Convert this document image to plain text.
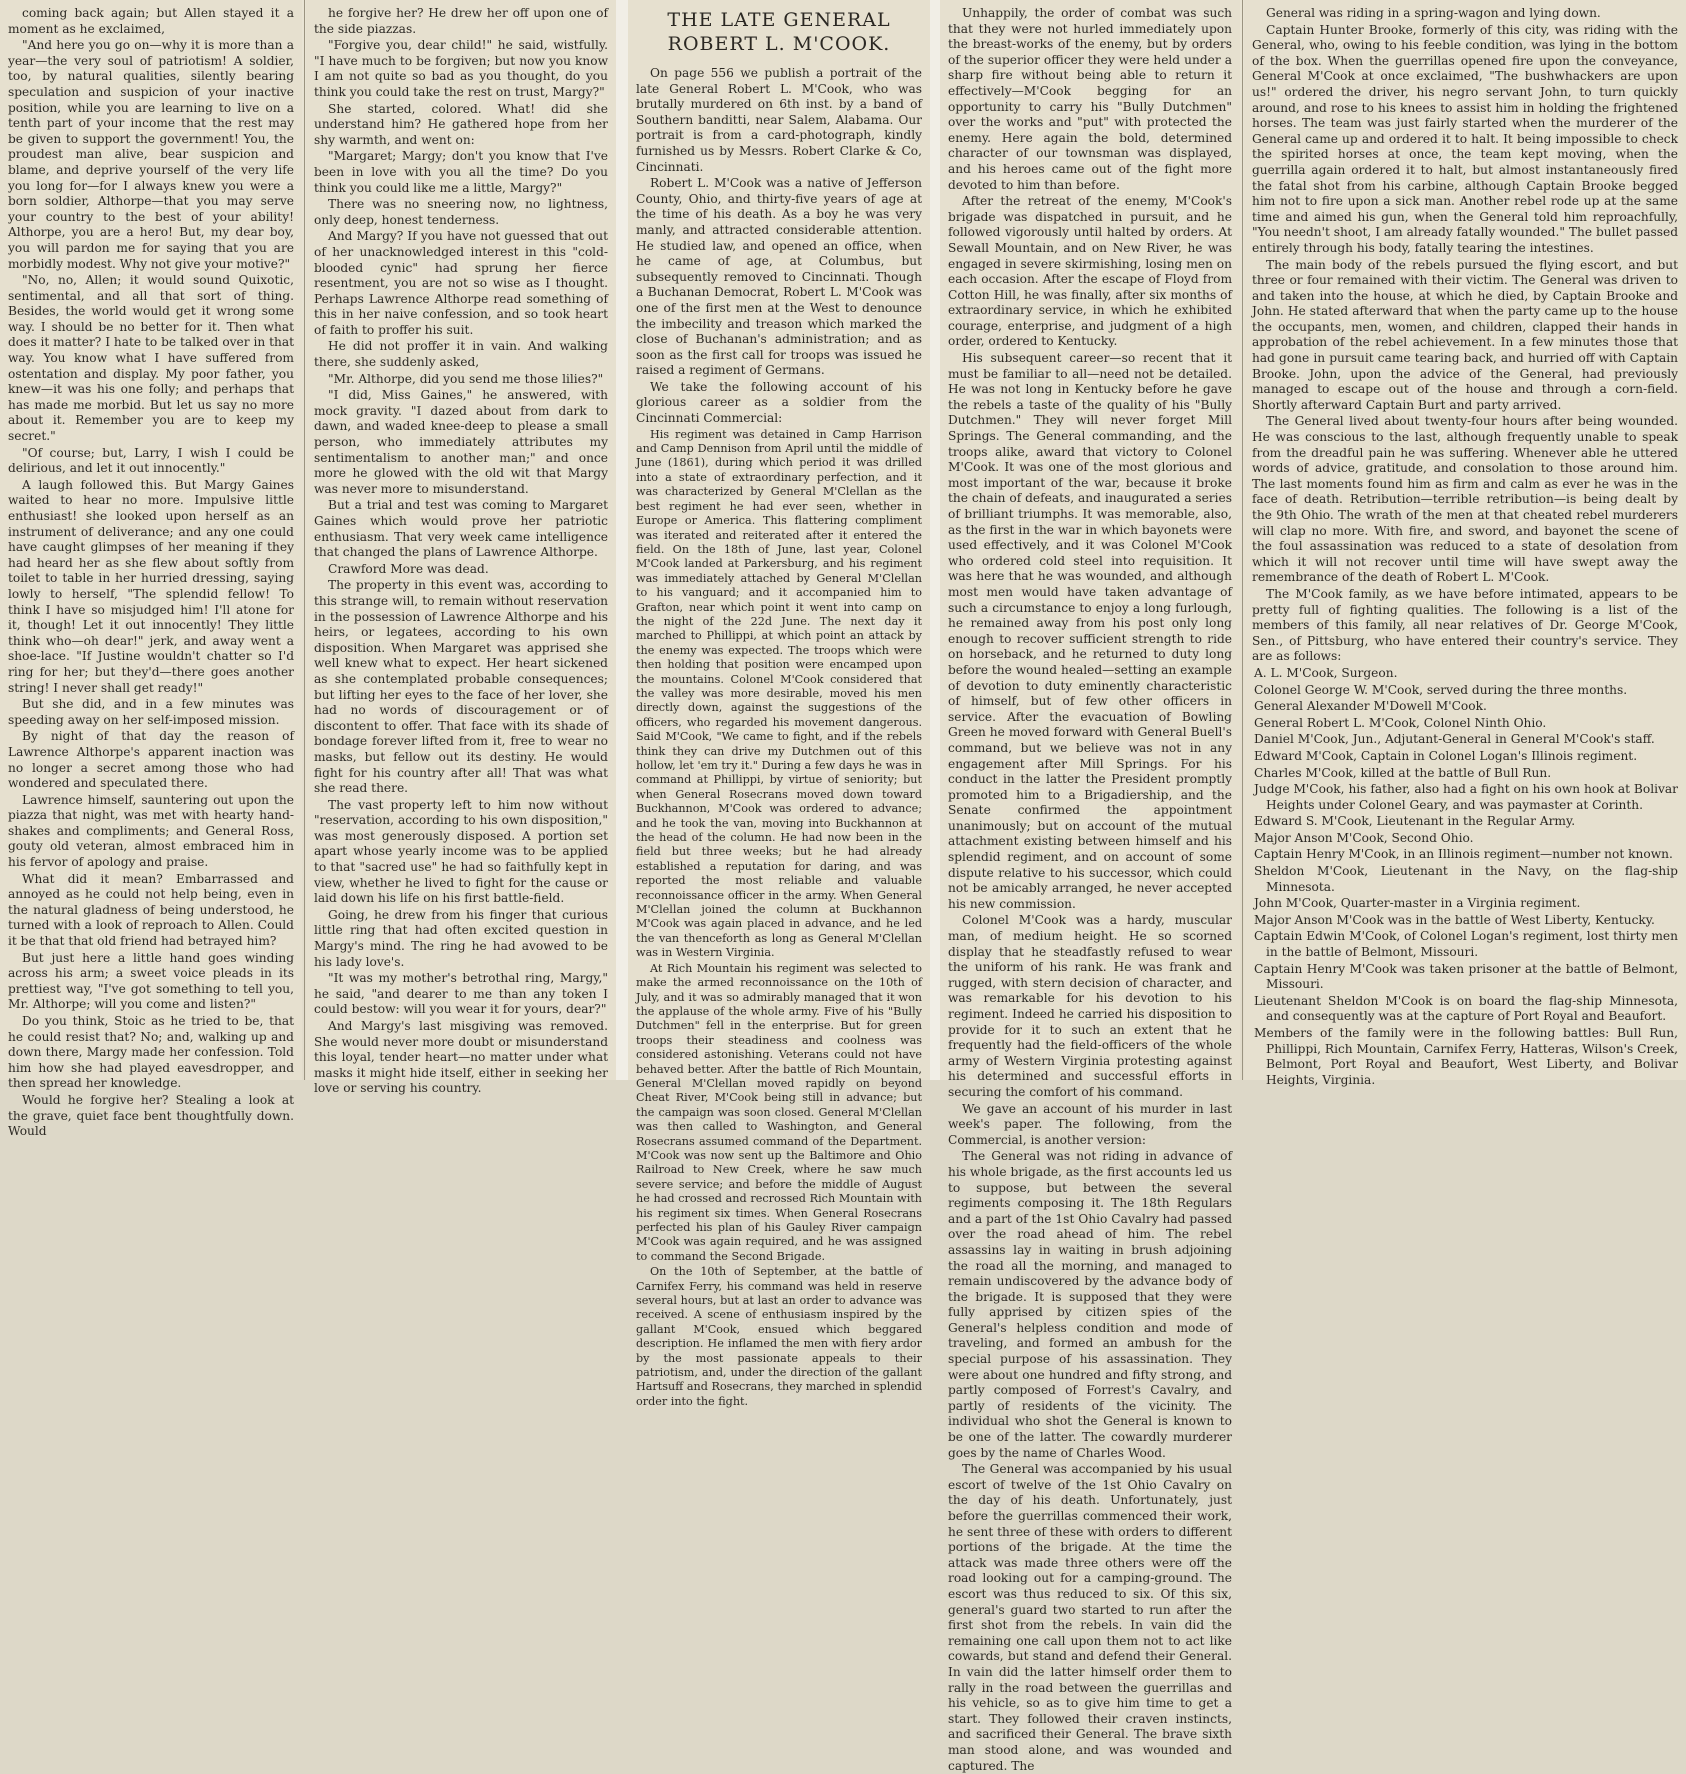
coming back again; but Allen stayed it a moment as he exclaimed,

"And here you go on—why it is more than a year—the very soul of patriotism! A soldier, too, by natural qualities, silently bearing speculation and suspicion of your inactive position, while you are learning to live on a tenth part of your income that the rest may be given to support the government! You, the proudest man alive, bear suspicion and blame, and deprive yourself of the very life you long for—for I always knew you were a born soldier, Althorpe—that you may serve your country to the best of your ability! Althorpe, you are a hero! But, my dear boy, you will pardon me for saying that you are morbidly modest. Why not give your motive?"

"No, no, Allen; it would sound Quixotic, sentimental, and all that sort of thing. Besides, the world would get it wrong some way. I should be no better for it. Then what does it matter? I hate to be talked over in that way. You know what I have suffered from ostentation and display. My poor father, you knew—it was his one folly; and perhaps that has made me morbid. But let us say no more about it. Remember you are to keep my secret."

"Of course; but, Larry, I wish I could be delirious, and let it out innocently."

A laugh followed this. But Margy Gaines waited to hear no more. Impulsive little enthusiast! she looked upon herself as an instrument of deliverance; and any one could have caught glimpses of her meaning if they had heard her as she flew about softly from toilet to table in her hurried dressing, saying lowly to herself, "The splendid fellow! To think I have so misjudged him! I'll atone for it, though! Let it out innocently! They little think who—oh dear!" jerk, and away went a shoe-lace. "If Justine wouldn't chatter so I'd ring for her; but they'd—there goes another string! I never shall get ready!"

But she did, and in a few minutes was speeding away on her self-imposed mission.

By night of that day the reason of Lawrence Althorpe's apparent inaction was no longer a secret among those who had wondered and speculated there.

Lawrence himself, sauntering out upon the piazza that night, was met with hearty hand-shakes and compliments; and General Ross, gouty old veteran, almost embraced him in his fervor of apology and praise.

What did it mean? Embarrassed and annoyed as he could not help being, even in the natural gladness of being understood, he turned with a look of reproach to Allen. Could it be that that old friend had betrayed him?

But just here a little hand goes winding across his arm; a sweet voice pleads in its prettiest way, "I've got something to tell you, Mr. Althorpe; will you come and listen?"

Do you think, Stoic as he tried to be, that he could resist that? No; and, walking up and down there, Margy made her confession. Told him how she had played eavesdropper, and then spread her knowledge.

Would he forgive her? Stealing a look at the grave, quiet face bent thoughtfully down. Would

he forgive her? He drew her off upon one of the side piazzas.

"Forgive you, dear child!" he said, wistfully. "I have much to be forgiven; but now you know I am not quite so bad as you thought, do you think you could take the rest on trust, Margy?"

She started, colored. What! did she understand him? He gathered hope from her shy warmth, and went on:

"Margaret; Margy; don't you know that I've been in love with you all the time? Do you think you could like me a little, Margy?"

There was no sneering now, no lightness, only deep, honest tenderness.

And Margy? If you have not guessed that out of her unacknowledged interest in this "cold-blooded cynic" had sprung her fierce resentment, you are not so wise as I thought. Perhaps Lawrence Althorpe read something of this in her naive confession, and so took heart of faith to proffer his suit.

He did not proffer it in vain. And walking there, she suddenly asked,

"Mr. Althorpe, did you send me those lilies?"

"I did, Miss Gaines," he answered, with mock gravity. "I dazed about from dark to dawn, and waded knee-deep to please a small person, who immediately attributes my sentimentalism to another man;" and once more he glowed with the old wit that Margy was never more to misunderstand.

But a trial and test was coming to Margaret Gaines which would prove her patriotic enthusiasm. That very week came intelligence that changed the plans of Lawrence Althorpe.

Crawford More was dead.

The property in this event was, according to this strange will, to remain without reservation in the possession of Lawrence Althorpe and his heirs, or legatees, according to his own disposition. When Margaret was apprised she well knew what to expect. Her heart sickened as she contemplated probable consequences; but lifting her eyes to the face of her lover, she had no words of discouragement or of discontent to offer. That face with its shade of bondage forever lifted from it, free to wear no masks, but fellow out its destiny. He would fight for his country after all! That was what she read there.

The vast property left to him now without "reservation, according to his own disposition," was most generously disposed. A portion set apart whose yearly income was to be applied to that "sacred use" he had so faithfully kept in view, whether he lived to fight for the cause or laid down his life on his first battle-field.

Going, he drew from his finger that curious little ring that had often excited question in Margy's mind. The ring he had avowed to be his lady love's.

"It was my mother's betrothal ring, Margy," he said, "and dearer to me than any token I could bestow: will you wear it for yours, dear?"

And Margy's last misgiving was removed. She would never more doubt or misunderstand this loyal, tender heart—no matter under what masks it might hide itself, either in seeking her love or serving his country.

THE LATE GENERAL ROBERT L. M'COOK.

On page 556 we publish a portrait of the late General Robert L. M'Cook, who was brutally murdered on 6th inst. by a band of Southern banditti, near Salem, Alabama. Our portrait is from a card-photograph, kindly furnished us by Messrs. Robert Clarke & Co, Cincinnati.

Robert L. M'Cook was a native of Jefferson County, Ohio, and thirty-five years of age at the time of his death. As a boy he was very manly, and attracted considerable attention. He studied law, and opened an office, when he came of age, at Columbus, but subsequently removed to Cincinnati. Though a Buchanan Democrat, Robert L. M'Cook was one of the first men at the West to denounce the imbecility and treason which marked the close of Buchanan's administration; and as soon as the first call for troops was issued he raised a regiment of Germans.

We take the following account of his glorious career as a soldier from the Cincinnati Commercial:

His regiment was detained in Camp Harrison and Camp Dennison from April until the middle of June (1861), during which period it was drilled into a state of extraordinary perfection, and it was characterized by General M'Clellan as the best regiment he had ever seen, whether in Europe or America. This flattering compliment was iterated and reiterated after it entered the field. On the 18th of June, last year, Colonel M'Cook landed at Parkersburg, and his regiment was immediately attached by General M'Clellan to his vanguard; and it accompanied him to Grafton, near which point it went into camp on the night of the 22d June. The next day it marched to Phillippi, at which point an attack by the enemy was expected. The troops which were then holding that position were encamped upon the mountains. Colonel M'Cook considered that the valley was more desirable, moved his men directly down, against the suggestions of the officers, who regarded his movement dangerous. Said M'Cook, "We came to fight, and if the rebels think they can drive my Dutchmen out of this hollow, let 'em try it." During a few days he was in command at Phillippi, by virtue of seniority; but when General Rosecrans moved down toward Buckhannon, M'Cook was ordered to advance; and he took the van, moving into Buckhannon at the head of the column. He had now been in the field but three weeks; but he had already established a reputation for daring, and was reported the most reliable and valuable reconnoissance officer in the army. When General M'Clellan joined the column at Buckhannon M'Cook was again placed in advance, and he led the van thenceforth as long as General M'Clellan was in Western Virginia.

At Rich Mountain his regiment was selected to make the armed reconnoissance on the 10th of July, and it was so admirably managed that it won the applause of the whole army. Five of his "Bully Dutchmen" fell in the enterprise. But for green troops their steadiness and coolness was considered astonishing. Veterans could not have behaved better. After the battle of Rich Mountain, General M'Clellan moved rapidly on beyond Cheat River, M'Cook being still in advance; but the campaign was soon closed. General M'Clellan was then called to Washington, and General Rosecrans assumed command of the Department. M'Cook was now sent up the Baltimore and Ohio Railroad to New Creek, where he saw much severe service; and before the middle of August he had crossed and recrossed Rich Mountain with his regiment six times. When General Rosecrans perfected his plan of his Gauley River campaign M'Cook was again required, and he was assigned to command the Second Brigade.

On the 10th of September, at the battle of Carnifex Ferry, his command was held in reserve several hours, but at last an order to advance was received. A scene of enthusiasm inspired by the gallant M'Cook, ensued which beggared description. He inflamed the men with fiery ardor by the most passionate appeals to their patriotism, and, under the direction of the gallant Hartsuff and Rosecrans, they marched in splendid order into the fight.

Unhappily, the order of combat was such that they were not hurled immediately upon the breast-works of the enemy, but by orders of the superior officer they were held under a sharp fire without being able to return it effectively—M'Cook begging for an opportunity to carry his "Bully Dutchmen" over the works and "put" with protected the enemy. Here again the bold, determined character of our townsman was displayed, and his heroes came out of the fight more devoted to him than before.

After the retreat of the enemy, M'Cook's brigade was dispatched in pursuit, and he followed vigorously until halted by orders. At Sewall Mountain, and on New River, he was engaged in severe skirmishing, losing men on each occasion. After the escape of Floyd from Cotton Hill, he was finally, after six months of extraordinary service, in which he exhibited courage, enterprise, and judgment of a high order, ordered to Kentucky.

His subsequent career—so recent that it must be familiar to all—need not be detailed. He was not long in Kentucky before he gave the rebels a taste of the quality of his "Bully Dutchmen." They will never forget Mill Springs. The General commanding, and the troops alike, award that victory to Colonel M'Cook. It was one of the most glorious and most important of the war, because it broke the chain of defeats, and inaugurated a series of brilliant triumphs. It was memorable, also, as the first in the war in which bayonets were used effectively, and it was Colonel M'Cook who ordered cold steel into requisition. It was here that he was wounded, and although most men would have taken advantage of such a circumstance to enjoy a long furlough, he remained away from his post only long enough to recover sufficient strength to ride on horseback, and he returned to duty long before the wound healed—setting an example of devotion to duty eminently characteristic of himself, but of few other officers in service. After the evacuation of Bowling Green he moved forward with General Buell's command, but we believe was not in any engagement after Mill Springs. For his conduct in the latter the President promptly promoted him to a Brigadiership, and the Senate confirmed the appointment unanimously; but on account of the mutual attachment existing between himself and his splendid regiment, and on account of some dispute relative to his successor, which could not be amicably arranged, he never accepted his new commission.

Colonel M'Cook was a hardy, muscular man, of medium height. He so scorned display that he steadfastly refused to wear the uniform of his rank. He was frank and rugged, with stern decision of character, and was remarkable for his devotion to his regiment. Indeed he carried his disposition to provide for it to such an extent that he frequently had the field-officers of the whole army of Western Virginia protesting against his determined and successful efforts in securing the comfort of his command.

We gave an account of his murder in last week's paper. The following, from the Commercial, is another version:

The General was not riding in advance of his whole brigade, as the first accounts led us to suppose, but between the several regiments composing it. The 18th Regulars and a part of the 1st Ohio Cavalry had passed over the road ahead of him. The rebel assassins lay in waiting in brush adjoining the road all the morning, and managed to remain undiscovered by the advance body of the brigade. It is supposed that they were fully apprised by citizen spies of the General's helpless condition and mode of traveling, and formed an ambush for the special purpose of his assassination. They were about one hundred and fifty strong, and partly composed of Forrest's Cavalry, and partly of residents of the vicinity. The individual who shot the General is known to be one of the latter. The cowardly murderer goes by the name of Charles Wood.

The General was accompanied by his usual escort of twelve of the 1st Ohio Cavalry on the day of his death. Unfortunately, just before the guerrillas commenced their work, he sent three of these with orders to different portions of the brigade. At the time the attack was made three others were off the road looking out for a camping-ground. The escort was thus reduced to six. Of this six, general's guard two started to run after the first shot from the rebels. In vain did the remaining one call upon them not to act like cowards, but stand and defend their General. In vain did the latter himself order them to rally in the road between the guerrillas and his vehicle, so as to give him time to get a start. They followed their craven instincts, and sacrificed their General. The brave sixth man stood alone, and was wounded and captured. The

General was riding in a spring-wagon and lying down.

Captain Hunter Brooke, formerly of this city, was riding with the General, who, owing to his feeble condition, was lying in the bottom of the box. When the guerrillas opened fire upon the conveyance, General M'Cook at once exclaimed, "The bushwhackers are upon us!" ordered the driver, his negro servant John, to turn quickly around, and rose to his knees to assist him in holding the frightened horses. The team was just fairly started when the murderer of the General came up and ordered it to halt. It being impossible to check the spirited horses at once, the team kept moving, when the guerrilla again ordered it to halt, but almost instantaneously fired the fatal shot from his carbine, although Captain Brooke begged him not to fire upon a sick man. Another rebel rode up at the same time and aimed his gun, when the General told him reproachfully, "You needn't shoot, I am already fatally wounded." The bullet passed entirely through his body, fatally tearing the intestines.

The main body of the rebels pursued the flying escort, and but three or four remained with their victim. The General was driven to and taken into the house, at which he died, by Captain Brooke and John. He stated afterward that when the party came up to the house the occupants, men, women, and children, clapped their hands in approbation of the rebel achievement. In a few minutes those that had gone in pursuit came tearing back, and hurried off with Captain Brooke. John, upon the advice of the General, had previously managed to escape out of the house and through a corn-field. Shortly afterward Captain Burt and party arrived.

The General lived about twenty-four hours after being wounded. He was conscious to the last, although frequently unable to speak from the dreadful pain he was suffering. Whenever able he uttered words of advice, gratitude, and consolation to those around him. The last moments found him as firm and calm as ever he was in the face of death. Retribution—terrible retribution—is being dealt by the 9th Ohio. The wrath of the men at that cheated rebel murderers will clap no more. With fire, and sword, and bayonet the scene of the foul assassination was reduced to a state of desolation from which it will not recover until time will have swept away the remembrance of the death of Robert L. M'Cook.

The M'Cook family, as we have before intimated, appears to be pretty full of fighting qualities. The following is a list of the members of this family, all near relatives of Dr. George M'Cook, Sen., of Pittsburg, who have entered their country's service. They are as follows:

A. L. M'Cook, Surgeon.
Colonel George W. M'Cook, served during the three months.
General Alexander M'Dowell M'Cook.
General Robert L. M'Cook, Colonel Ninth Ohio.
Daniel M'Cook, Jun., Adjutant-General in General M'Cook's staff.
Edward M'Cook, Captain in Colonel Logan's Illinois regiment.
Charles M'Cook, killed at the battle of Bull Run.
Judge M'Cook, his father, also had a fight on his own hook at Bolivar Heights under Colonel Geary, and was paymaster at Corinth.
Edward S. M'Cook, Lieutenant in the Regular Army.
Major Anson M'Cook, Second Ohio.
Captain Henry M'Cook, in an Illinois regiment—number not known.
Sheldon M'Cook, Lieutenant in the Navy, on the flag-ship Minnesota.
John M'Cook, Quarter-master in a Virginia regiment.
Major Anson M'Cook was in the battle of West Liberty, Kentucky.
Captain Edwin M'Cook, of Colonel Logan's regiment, lost thirty men in the battle of Belmont, Missouri.
Captain Henry M'Cook was taken prisoner at the battle of Belmont, Missouri.
Lieutenant Sheldon M'Cook is on board the flag-ship Minnesota, and consequently was at the capture of Port Royal and Beaufort.
Members of the family were in the following battles: Bull Run, Phillippi, Rich Mountain, Carnifex Ferry, Hatteras, Wilson's Creek, Belmont, Port Royal and Beaufort, West Liberty, and Bolivar Heights, Virginia.
